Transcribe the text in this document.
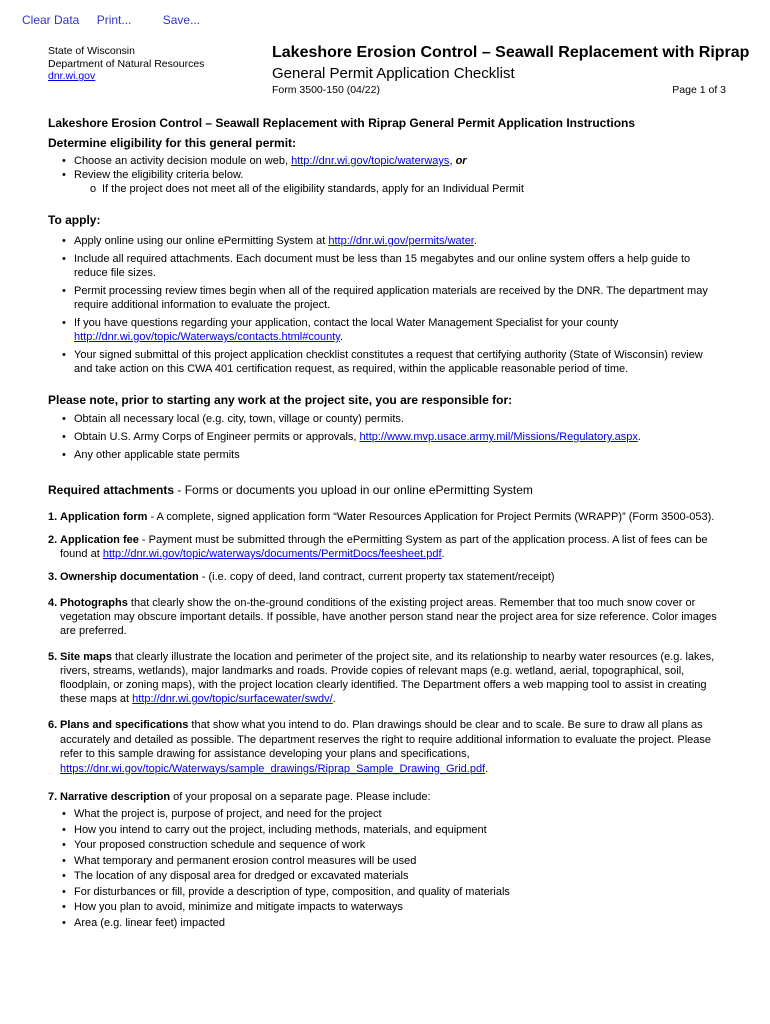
Clear Data Print...	Save...
State of Wisconsin
Department of Natural Resources
dnr.wi.gov
Lakeshore Erosion Control – Seawall Replacement with Riprap
General Permit Application Checklist
Form 3500-150 (04/22)	Page 1 of 3
Lakeshore Erosion Control – Seawall Replacement with Riprap General Permit Application Instructions
Determine eligibility for this general permit:
• Choose an activity decision module on web, http://dnr.wi.gov/topic/waterways, or
• Review the eligibility criteria below.
o If the project does not meet all of the eligibility standards, apply for an Individual Permit
To apply:
• Apply online using our online ePermitting System at http://dnr.wi.gov/permits/water.
• Include all required attachments. Each document must be less than 15 megabytes and our online system offers a help guide to reduce file sizes.
• Permit processing review times begin when all of the required application materials are received by the DNR. The department may require additional information to evaluate the project.
• If you have questions regarding your application, contact the local Water Management Specialist for your county http://dnr.wi.gov/topic/Waterways/contacts.html#county.
• Your signed submittal of this project application checklist constitutes a request that certifying authority (State of Wisconsin) review and take action on this CWA 401 certification request, as required, within the applicable reasonable period of time.
Please note, prior to starting any work at the project site, you are responsible for:
• Obtain all necessary local (e.g. city, town, village or county) permits.
• Obtain U.S. Army Corps of Engineer permits or approvals, http://www.mvp.usace.army.mil/Missions/Regulatory.aspx.
• Any other applicable state permits
Required attachments - Forms or documents you upload in our online ePermitting System
1. Application form - A complete, signed application form “Water Resources Application for Project Permits (WRAPP)” (Form 3500-053).
2. Application fee - Payment must be submitted through the ePermitting System as part of the application process. A list of fees can be found at http://dnr.wi.gov/topic/waterways/documents/PermitDocs/feesheet.pdf.
3. Ownership documentation - (i.e. copy of deed, land contract, current property tax statement/receipt)
4. Photographs that clearly show the on-the-ground conditions of the existing project areas. Remember that too much snow cover or vegetation may obscure important details. If possible, have another person stand near the project area for size reference. Color images are preferred.
5. Site maps that clearly illustrate the location and perimeter of the project site, and its relationship to nearby water resources (e.g. lakes, rivers, streams, wetlands), major landmarks and roads. Provide copies of relevant maps (e.g. wetland, aerial, topographical, soil, floodplain, or zoning maps), with the project location clearly identified. The Department offers a web mapping tool to assist in creating these maps at http://dnr.wi.gov/topic/surfacewater/swdv/.
6. Plans and specifications that show what you intend to do. Plan drawings should be clear and to scale. Be sure to draw all plans as accurately and detailed as possible. The department reserves the right to require additional information to evaluate the project. Please refer to this sample drawing for assistance developing your plans and specifications, https://dnr.wi.gov/topic/Waterways/sample_drawings/Riprap_Sample_Drawing_Grid.pdf.
7. Narrative description of your proposal on a separate page. Please include:
• What the project is, purpose of project, and need for the project
• How you intend to carry out the project, including methods, materials, and equipment
• Your proposed construction schedule and sequence of work
• What temporary and permanent erosion control measures will be used
• The location of any disposal area for dredged or excavated materials
• For disturbances or fill, provide a description of type, composition, and quality of materials
• How you plan to avoid, minimize and mitigate impacts to waterways
• Area (e.g. linear feet) impacted
